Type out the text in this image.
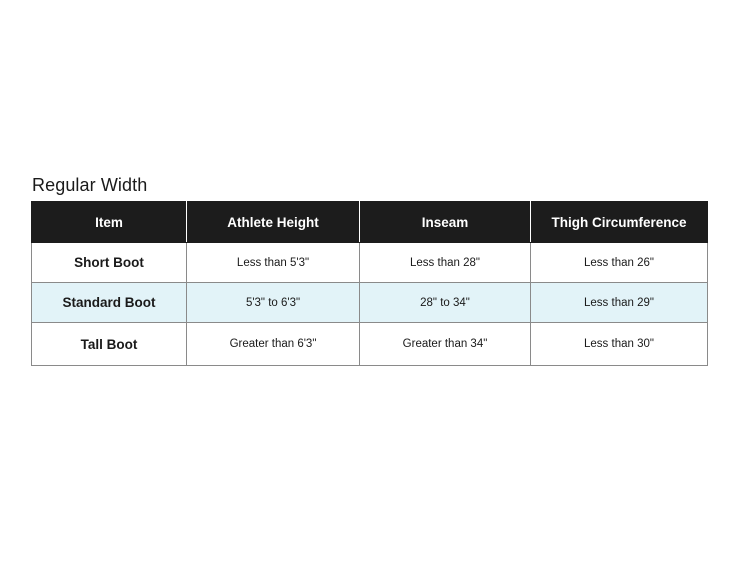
Regular Width
Item	Athlete Height	Inseam	Thigh Circumference
Short Boot	Less than 5'3"	Less than 28"	Less than 26"
Standard Boot	5'3" to 6'3"	28" to 34"	Less than 29"
Tall Boot	Greater than 6'3"	Greater than 34"	Less than 30"
